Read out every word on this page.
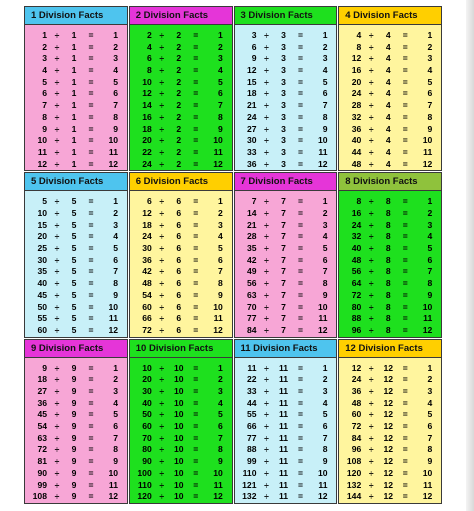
1 Division Facts
1 ÷	1	=	1
2 ÷	1	=	2
3 ÷	1	=	3
4 ÷	1	=	4
5 ÷	1	=	5
6 ÷	1	=	6
7 ÷	1	=	7
8 ÷	1	=	8
9 ÷	1	=	9
10 ÷	1	=	10
11 ÷	1	=	11
12 ÷	1	=	12
2 Division Facts
2 ÷	2	=	1
4 ÷	2	=	2
6 ÷	2	=	3
8 ÷	2	=	4
10 ÷	2	=	5
12 ÷	2	=	6
14 ÷	2	=	7
16 ÷	2	=	8
18 ÷	2	=	9
20 ÷	2	=	10
22 ÷	2	=	11
24 ÷	2	=	12
3 Division Facts
3 ÷	3	=	1
6 ÷	3	=	2
9 ÷	3	=	3
12 ÷	3	=	4
15 ÷	3	=	5
18 ÷	3	=	6
21 ÷	3	=	7
24 ÷	3	=	8
27 ÷	3	=	9
30 ÷	3	=	10
33 ÷	3	=	11
36 ÷	3	=	12
4 Division Facts
4 ÷	4	=	1
8 ÷	4	=	2
12 ÷	4	=	3
16 ÷	4	=	4
20 ÷	4	=	5
24 ÷	4	=	6
28 ÷	4	=	7
32 ÷	4	=	8
36 ÷	4	=	9
40 ÷	4	=	10
44 ÷	4	=	11
48 ÷	4	=	12
5 Division Facts
5 ÷	5	=	1
10 ÷	5	=	2
15 ÷	5	=	3
20 ÷	5	=	4
25 ÷	5	=	5
30 ÷	5	=	6
35 ÷	5	=	7
40 ÷	5	=	8
45 ÷	5	=	9
50 ÷	5	=	10
55 ÷	5	=	11
60 ÷	5	=	12
6 Division Facts
6 ÷	6	=	1
12 ÷	6	=	2
18 ÷	6	=	3
24 ÷	6	=	4
30 ÷	6	=	5
36 ÷	6	=	6
42 ÷	6	=	7
48 ÷	6	=	8
54 ÷	6	=	9
60 ÷	6	=	10
66 ÷	6	=	11
72 ÷	6	=	12
7 Division Facts
7 ÷	7	=	1
14 ÷	7	=	2
21 ÷	7	=	3
28 ÷	7	=	4
35 ÷	7	=	5
42 ÷	7	=	6
49 ÷	7	=	7
56 ÷	7	=	8
63 ÷	7	=	9
70 ÷	7	=	10
77 ÷	7	=	11
84 ÷	7	=	12
8 Division Facts
8 ÷	8	=	1
16 ÷	8	=	2
24 ÷	8	=	3
32 ÷	8	=	4
40 ÷	8	=	5
48 ÷	8	=	6
56 ÷	8	=	7
64 ÷	8	=	8
72 ÷	8	=	9
80 ÷	8	=	10
88 ÷	8	=	11
96 ÷	8	=	12
9 Division Facts
9 ÷	9	=	1
18 ÷	9	=	2
27 ÷	9	=	3
36 ÷	9	=	4
45 ÷	9	=	5
54 ÷	9	=	6
63 ÷	9	=	7
72 ÷	9	=	8
81 ÷	9	=	9
90 ÷	9	=	10
99 ÷	9	=	11
108 ÷	9	=	12
10 Division Facts
10 ÷	10	=	1
20 ÷	10	=	2
30 ÷	10	=	3
40 ÷	10	=	4
50 ÷	10	=	5
60 ÷	10	=	6
70 ÷	10	=	7
80 ÷	10	=	8
90 ÷	10	=	9
100 ÷	10	=	10
110 ÷	10	=	11
120 ÷	10	=	12
11 Division Facts
11 ÷	11	=	1
22 ÷	11	=	2
33 ÷	11	=	3
44 ÷	11	=	4
55 ÷	11	=	5
66 ÷	11	=	6
77 ÷	11	=	7
88 ÷	11	=	8
99 ÷	11	=	9
110 ÷	11	=	10
121 ÷	11	=	11
132 ÷	11	=	12
12 Division Facts
12 ÷	12	=	1
24 ÷	12	=	2
36 ÷	12	=	3
48 ÷	12	=	4
60 ÷	12	=	5
72 ÷	12	=	6
84 ÷	12	=	7
96 ÷	12	=	8
108 ÷	12	=	9
120 ÷	12	=	10
132 ÷	12	=	11
144 ÷	12	=	12
